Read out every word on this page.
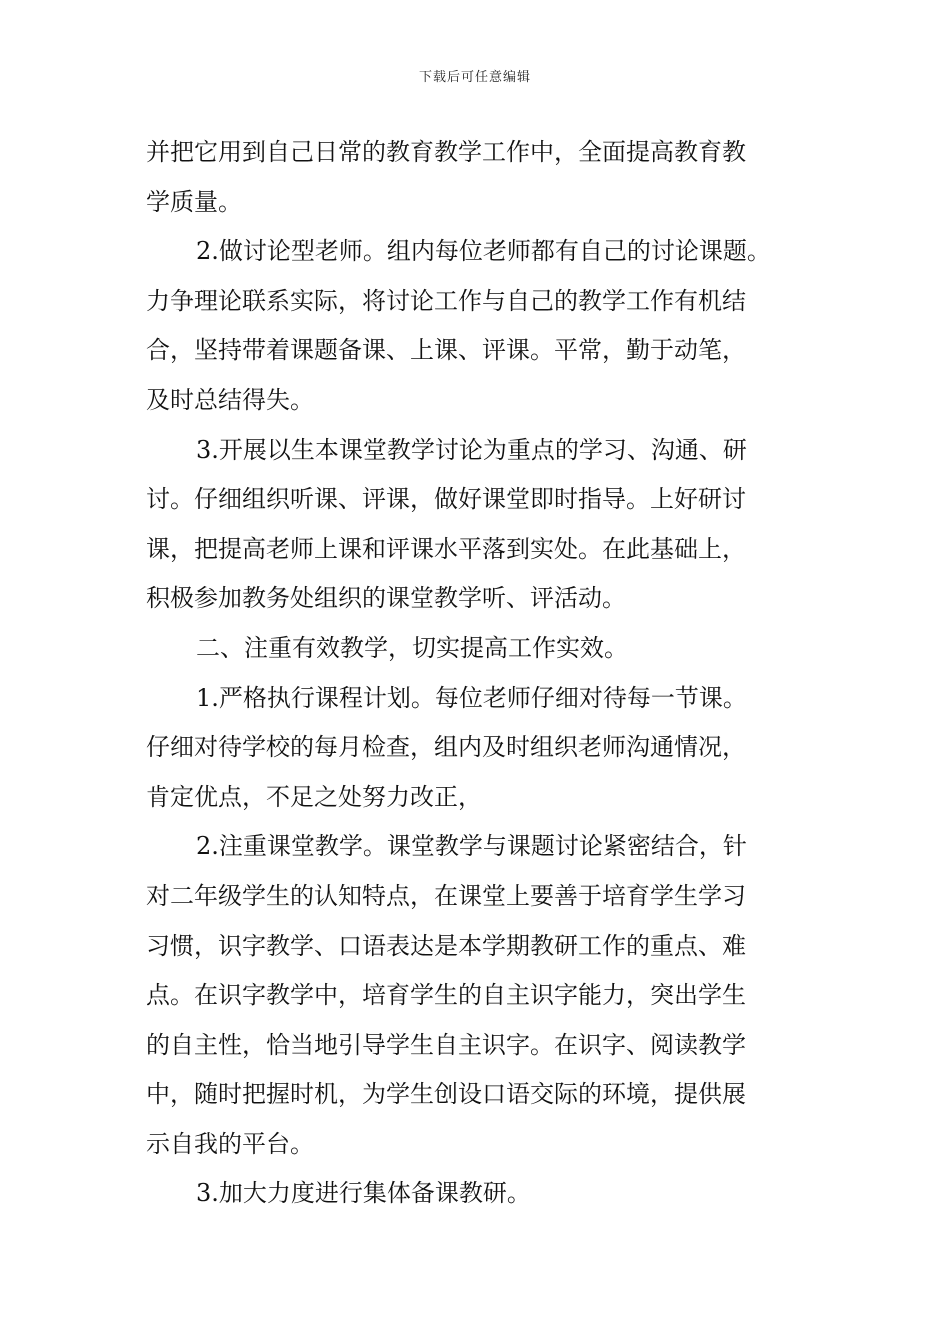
下载后可任意编辑
并把它用到自己日常的教育教学工作中，全面提高教育教
学质量。
2.做讨论型老师。组内每位老师都有自己的讨论课题。
力争理论联系实际，将讨论工作与自己的教学工作有机结
合，坚持带着课题备课、上课、评课。平常，勤于动笔，
及时总结得失。
3.开展以生本课堂教学讨论为重点的学习、沟通、研
讨。仔细组织听课、评课，做好课堂即时指导。上好研讨
课，把提高老师上课和评课水平落到实处。在此基础上，
积极参加教务处组织的课堂教学听、评活动。
二、注重有效教学，切实提高工作实效。
1.严格执行课程计划。每位老师仔细对待每一节课。
仔细对待学校的每月检查，组内及时组织老师沟通情况，
肯定优点，不足之处努力改正，
2.注重课堂教学。课堂教学与课题讨论紧密结合，针
对二年级学生的认知特点，在课堂上要善于培育学生学习
习惯，识字教学、口语表达是本学期教研工作的重点、难
点。在识字教学中，培育学生的自主识字能力，突出学生
的自主性，恰当地引导学生自主识字。在识字、阅读教学
中，随时把握时机，为学生创设口语交际的环境，提供展
示自我的平台。
3.加大力度进行集体备课教研。
